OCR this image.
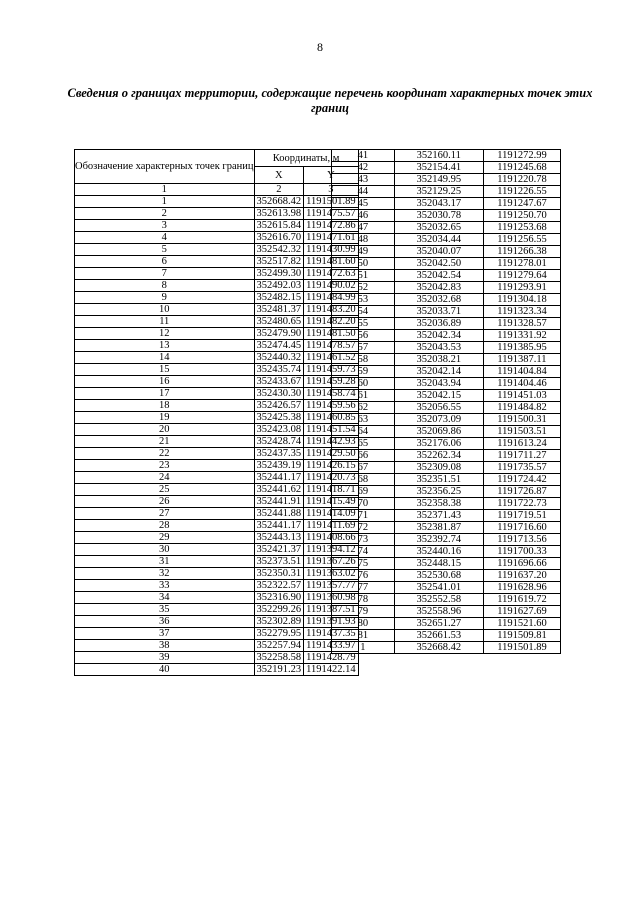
8
Сведения о границах территории, содержащие перечень координат характерных точек этих границ
Обозначение характерных точек границ	Координаты, м	
	X	Y
1	2	3
1	352668.42	1191501.89
2	352613.98	1191475.57
3	352615.84	1191472.86
4	352616.70	1191471.61
5	352542.32	1191430.99
6	352517.82	1191481.60
7	352499.30	1191472.63
8	352492.03	1191490.02
9	352482.15	1191484.99
10	352481.37	1191483.20
11	352480.65	1191482.20
12	352479.90	1191481.50
13	352474.45	1191478.57
14	352440.32	1191461.52
15	352435.74	1191459.73
16	352433.67	1191459.28
17	352430.30	1191458.74
18	352426.57	1191459.56
19	352425.38	1191460.85
20	352423.08	1191451.54
21	352428.74	1191442.93
22	352437.35	1191429.50
23	352439.19	1191426.15
24	352441.17	1191420.73
25	352441.62	1191418.71
26	352441.91	1191415.49
27	352441.88	1191414.09
28	352441.17	1191411.69
29	352443.13	1191408.66
30	352421.37	1191394.12
31	352373.51	1191367.26
32	352350.31	1191363.02
33	352322.57	1191357.77
34	352316.90	1191360.98
35	352299.26	1191387.51
36	352302.89	1191391.93
37	352279.95	1191437.35
38	352257.94	1191433.97
39	352258.58	1191428.79
40	352191.23	1191422.14
41	352160.11	1191272.99
42	352154.41	1191245.68
43	352149.95	1191220.78
44	352129.25	1191226.55
45	352043.17	1191247.67
46	352030.78	1191250.70
47	352032.65	1191253.68
48	352034.44	1191256.55
49	352040.07	1191266.38
50	352042.50	1191278.01
51	352042.54	1191279.64
52	352042.83	1191293.91
53	352032.68	1191304.18
54	352033.71	1191323.34
55	352036.89	1191328.57
56	352042.34	1191331.92
57	352043.53	1191385.95
58	352038.21	1191387.11
59	352042.14	1191404.84
60	352043.94	1191404.46
61	352042.15	1191451.03
62	352056.55	1191484.82
63	352073.09	1191500.31
64	352069.86	1191503.51
65	352176.06	1191613.24
66	352262.34	1191711.27
67	352309.08	1191735.57
68	352351.51	1191724.42
69	352356.25	1191726.87
70	352358.38	1191722.73
71	352371.43	1191719.51
72	352381.87	1191716.60
73	352392.74	1191713.56
74	352440.16	1191700.33
75	352448.15	1191696.66
76	352530.68	1191637.20
77	352541.01	1191628.96
78	352552.58	1191619.72
79	352558.96	1191627.69
80	352651.27	1191521.60
81	352661.53	1191509.81
1	352668.42	1191501.89
